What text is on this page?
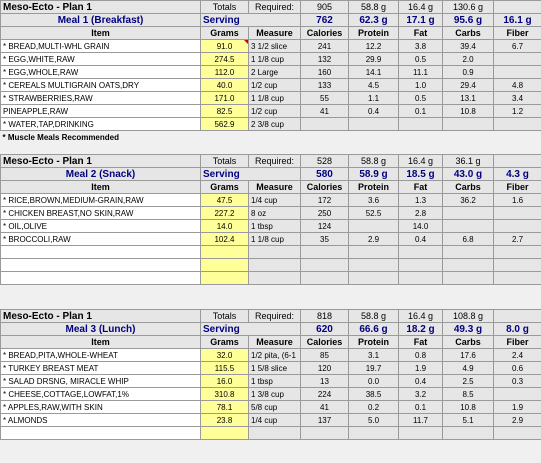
Meso-Ecto - Plan 1	Totals	Required:	905	58.8 g	16.4 g	130.6 g	
Meal 1 (Breakfast)	Serving		762	62.3 g	17.1 g	95.6 g	16.1 g
Item	Grams	Measure	Calories	Protein	Fat	Carbs	Fiber
* BREAD,MULTI-WHL GRAIN	91.0	3 1/2 slice	241	12.2	3.8	39.4	6.7
* EGG,WHITE,RAW	274.5	1 1/8 cup	132	29.9	0.5	2.0	
* EGG,WHOLE,RAW	112.0	2 Large	160	14.1	11.1	0.9	
* CEREALS MULTIGRAIN OATS,DRY	40.0	1/2 cup	133	4.5	1.0	29.4	4.8
* STRAWBERRIES,RAW	171.0	1 1/8 cup	55	1.1	0.5	13.1	3.4
PINEAPPLE,RAW	82.5	1/2 cup	41	0.4	0.1	10.8	1.2
* WATER,TAP,DRINKING	562.9	2 3/8 cup					
* Muscle Meals Recommended							
Meso-Ecto - Plan 1	Totals	Required:	528	58.8 g	16.4 g	36.1 g	
Meal 2 (Snack)	Serving		580	58.9 g	18.5 g	43.0 g	4.3 g
Item	Grams	Measure	Calories	Protein	Fat	Carbs	Fiber
* RICE,BROWN,MEDIUM-GRAIN,RAW	47.5	1/4 cup	172	3.6	1.3	36.2	1.6
* CHICKEN BREAST,NO SKIN,RAW	227.2	8 oz	250	52.5	2.8		
* OIL,OLIVE	14.0	1 tbsp	124		14.0		
* BROCCOLI,RAW	102.4	1 1/8 cup	35	2.9	0.4	6.8	2.7

Meso-Ecto - Plan 1	Totals	Required:	818	58.8 g	16.4 g	108.8 g	
Meal 3 (Lunch)	Serving		620	66.6 g	18.2 g	49.3 g	8.0 g
Item	Grams	Measure	Calories	Protein	Fat	Carbs	Fiber
* BREAD,PITA,WHOLE-WHEAT	32.0	1/2 pita, (6-1	85	3.1	0.8	17.6	2.4
* TURKEY BREAST MEAT	115.5	1 5/8 slice	120	19.7	1.9	4.9	0.6
* SALAD DRSNG, MIRACLE WHIP	16.0	1 tbsp	13	0.0	0.4	2.5	0.3
* CHEESE,COTTAGE,LOWFAT,1%	310.8	1 3/8 cup	224	38.5	3.2	8.5	
* APPLES,RAW,WITH SKIN	78.1	5/8 cup	41	0.2	0.1	10.8	1.9
* ALMONDS	23.8	1/4 cup	137	5.0	11.7	5.1	2.9
